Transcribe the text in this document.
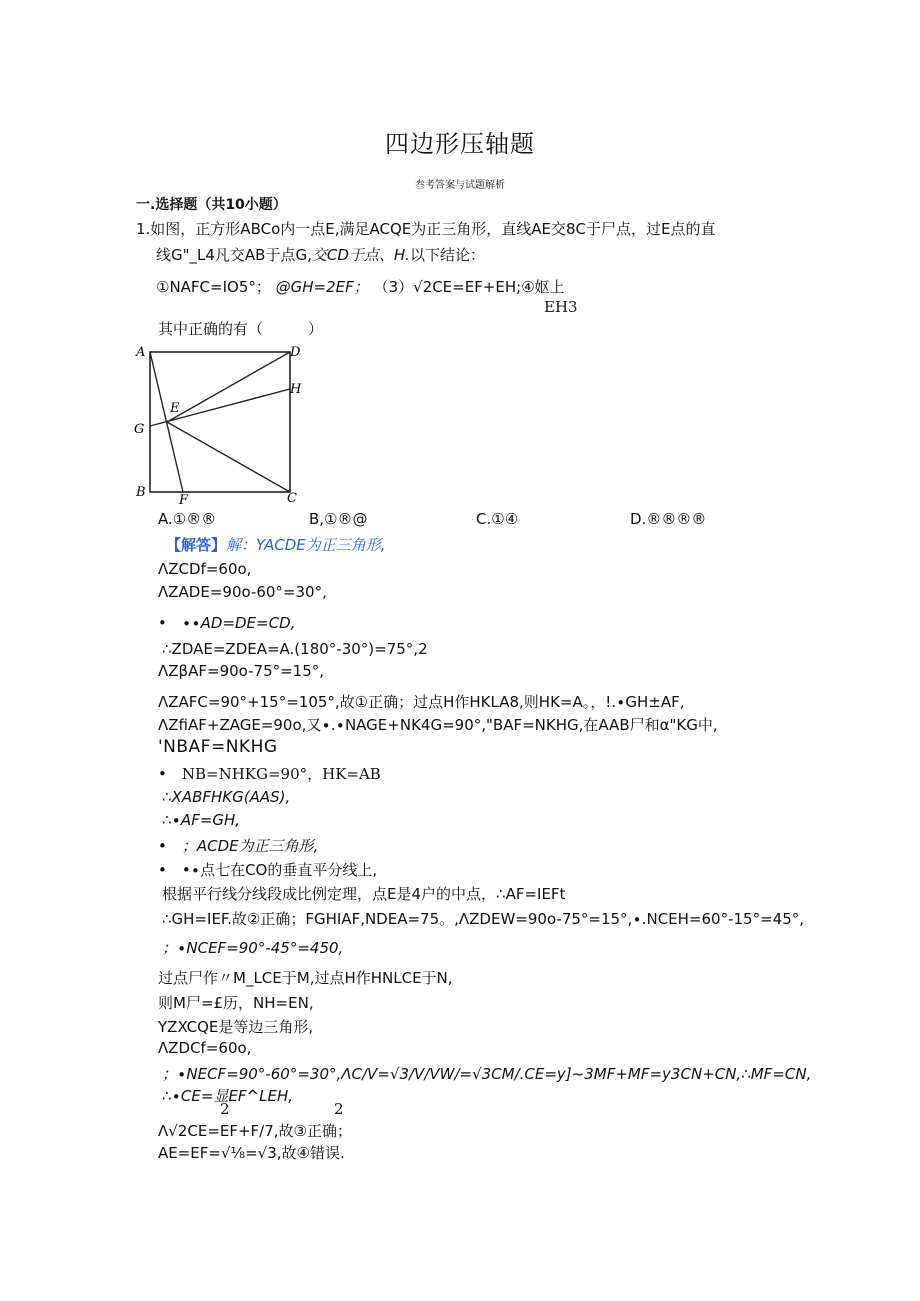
四边形压轴题
叁考答案与试题解析
一.选择题（共10小题）
1.如图，正方形ABCo内一点E,满足ACQE为正三角形，直线AE交8C于尸点，过E点的直
线G"_L4凡交AB于点G,交CD于点、H.以下结论：
①NAFC=IO5°； @GH=2EF； （3）√2CE=EF+EH;④妪上
EH3
其中正确的有（　　　）
A	D
H
E
G
B
F	C
A.①®®	B,①®@	C.①④	D.®®®®
【解答】解：YACDE为正三角形,
ΛZCDf=60o,
ΛZADE=90o-60°=30°,
•　∙∙AD=DE=CD,
∴ZDAE=ZDEA=A.(180°-30°)=75°,2
ΛZβAF=90o-75°=15°,
ΛZAFC=90°+15°=105°,故①正确；过点H作HKLA8,则HK=A。，!.∙GH±AF,
ΛZfiAF+ZAGE=90o,又∙.∙NAGE+NK4G=90°,"BAF=NKHG,在AAB尸和α"KG中,
'NBAF=NKHG
•　NB=NHKG=90°，HK=AB
∴XABFHKG(AAS),
∴∙AF=GH,
•　；ACDE为正三角形,
•　•∙点七在CO的垂直平分线上,
根据平行线分线段成比例定理，点E是4户的中点，∴AF=IEFt
∴GH=IEF.故②正确；FGHIAF,NDEA=75。,ΛZDEW=90o-75°=15°,∙.NCEH=60°-15°=45°,
；∙NCEF=90°-45°=450,
过点尸作〃M_LCE于M,过点H作HNLCE于N,
则M尸=£历，NH=EN,
YZXCQE是等边三角形,
ΛZDCf=60o,
；∙NECF=90°-60°=30°,ΛC∕V=√3∕V∕VW∕=√3CM/.CE=y]~3MF+MF=y3CN+CN,∴MF=CN,
∴∙CE=显EF^LEH,
2	2
Λ√2CE=EF+F∕7,故③正确；
AE=EF=√⅛=√3,故④错误.
